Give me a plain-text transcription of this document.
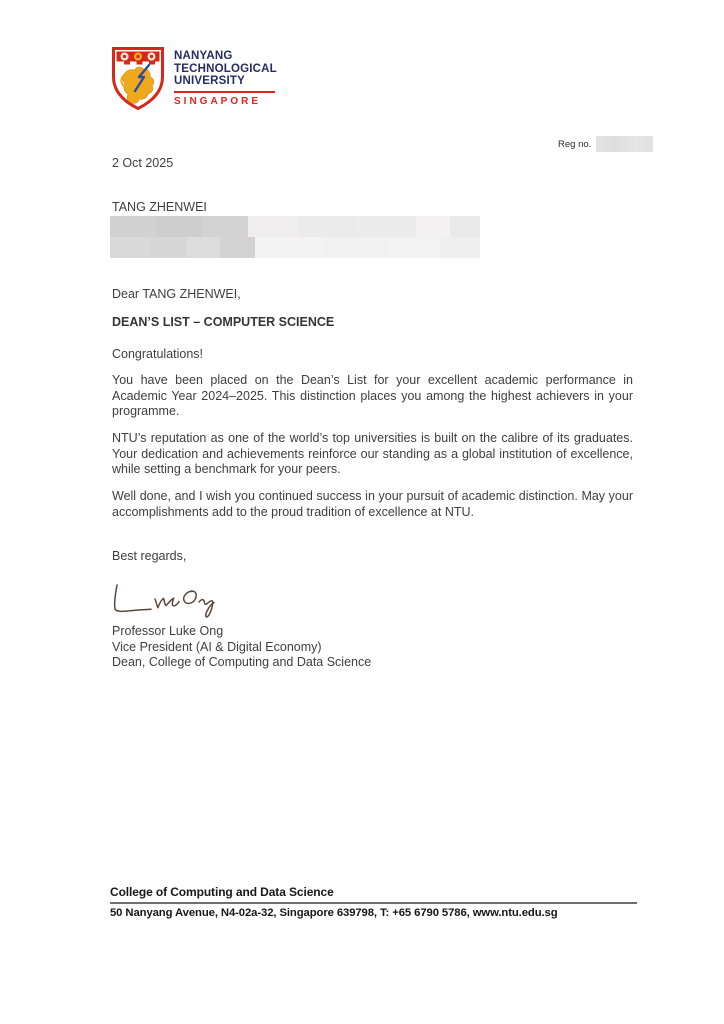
NANYANG
TECHNOLOGICAL
UNIVERSITY
SINGAPORE
Reg no.
2 Oct 2025
TANG ZHENWEI
Dear TANG ZHENWEI,
DEAN’S LIST – COMPUTER SCIENCE
Congratulations!

You have been placed on the Dean’s List for your excellent academic performance in Academic Year 2024–2025. This distinction places you among the highest achievers in your programme.

NTU’s reputation as one of the world’s top universities is built on the calibre of its graduates. Your dedication and achievements reinforce our standing as a global institution of excellence, while setting a benchmark for your peers.

Well done, and I wish you continued success in your pursuit of academic distinction. May your accomplishments add to the proud tradition of excellence at NTU.

Best regards,
Professor Luke Ong
Vice President (AI & Digital Economy)
Dean, College of Computing and Data Science
College of Computing and Data Science
50 Nanyang Avenue, N4-02a-32, Singapore 639798, T: +65 6790 5786, www.ntu.edu.sg
